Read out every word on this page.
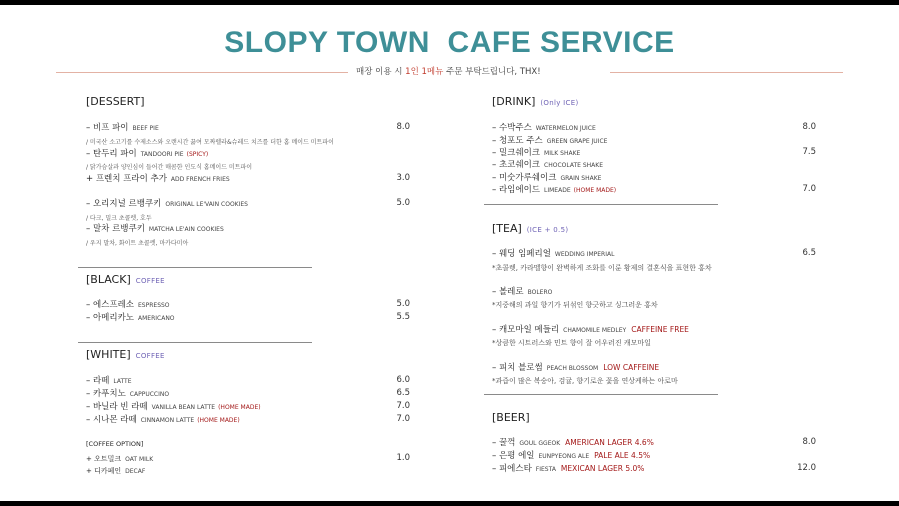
SLOPY TOWN  CAFE SERVICE
매장 이용 시 1인 1메뉴 주문 부탁드립니다, THX!
[DESSERT]
– 비프 파이 BEEF PIE	8.0
/ 미국산 소고기를 수제소스와 오랜시간 끓여 모짜렐라&슈레드 치즈를 더한 홈 메이드 미트파이
– 탄두리 파이 TANDOORI PIE (SPICY)
/ 닭가슴살과 양인심이 들어간 매콤한 인도식 홈메이드 미트파이
+ 프렌치 프라이 추가 ADD FRENCH FRIES	3.0
– 오리지널 르뱅쿠키 ORIGINAL LE'VAIN COOKIES	5.0
/ 다크, 밀크 초콜렛, 호두
– 말차 르뱅쿠키 MATCHA LE'AIN COOKIES
/ 우지 말차, 화이트 초콜렛, 마카다미아
[BLACK] COFFEE
– 에스프레소 ESPRESSO	5.0
– 아메리카노 AMERICANO	5.5
[WHITE] COFFEE
– 라떼 LATTE	6.0
– 카푸치노 CAPPUCCINO	6.5
– 바닐라 빈 라떼 VANILLA BEAN LATTE (HOME MADE)	7.0
– 시나몬 라떼 CINNAMON LATTE (HOME MADE)	7.0
[COFFEE OPTION]
+ 오트밀크 OAT MILK	1.0
+ 디카페인 DECAF
[DRINK] (Only ICE)
– 수박주스 WATERMELON JUICE	8.0
– 청포도 주스 GREEN GRAPE JUICE
– 밀크쉐이크 MILK SHAKE	7.5
– 초코쉐이크 CHOCOLATE SHAKE
– 미숫가루쉐이크 GRAIN SHAKE
– 라임에이드 LIMEADE (HOME MADE)	7.0
[TEA] (ICE + 0.5)
– 웨딩 임페리얼 WEDDING IMPERIAL	6.5
*초콜렛, 카라멜향이 완벽하게 조화를 이룬 황제의 결혼식을 표현한 홍차
– 볼레로 BOLERO
*지중해의 과일 향기가 뒤섞인 향긋하고 싱그러운 홍차
– 캐모마일 메들리 CHAMOMILE MEDLEY CAFFEINE FREE
*상큼한 시트러스와 민트 향이 잘 어우러진 캐모마일
– 피치 블로썸 PEACH BLOSSOM LOW CAFFEINE
*과즙이 많은 복숭아, 검귤, 향기로운 꽃을 연상케하는 아로마
[BEER]
– 꿀꺽 GOUL GGEOK AMERICAN LAGER 4.6%	8.0
– 은평 에일 EUNPYEONG ALE PALE ALE 4.5%
– 피에스타 FIESTA MEXICAN LAGER 5.0%	12.0
